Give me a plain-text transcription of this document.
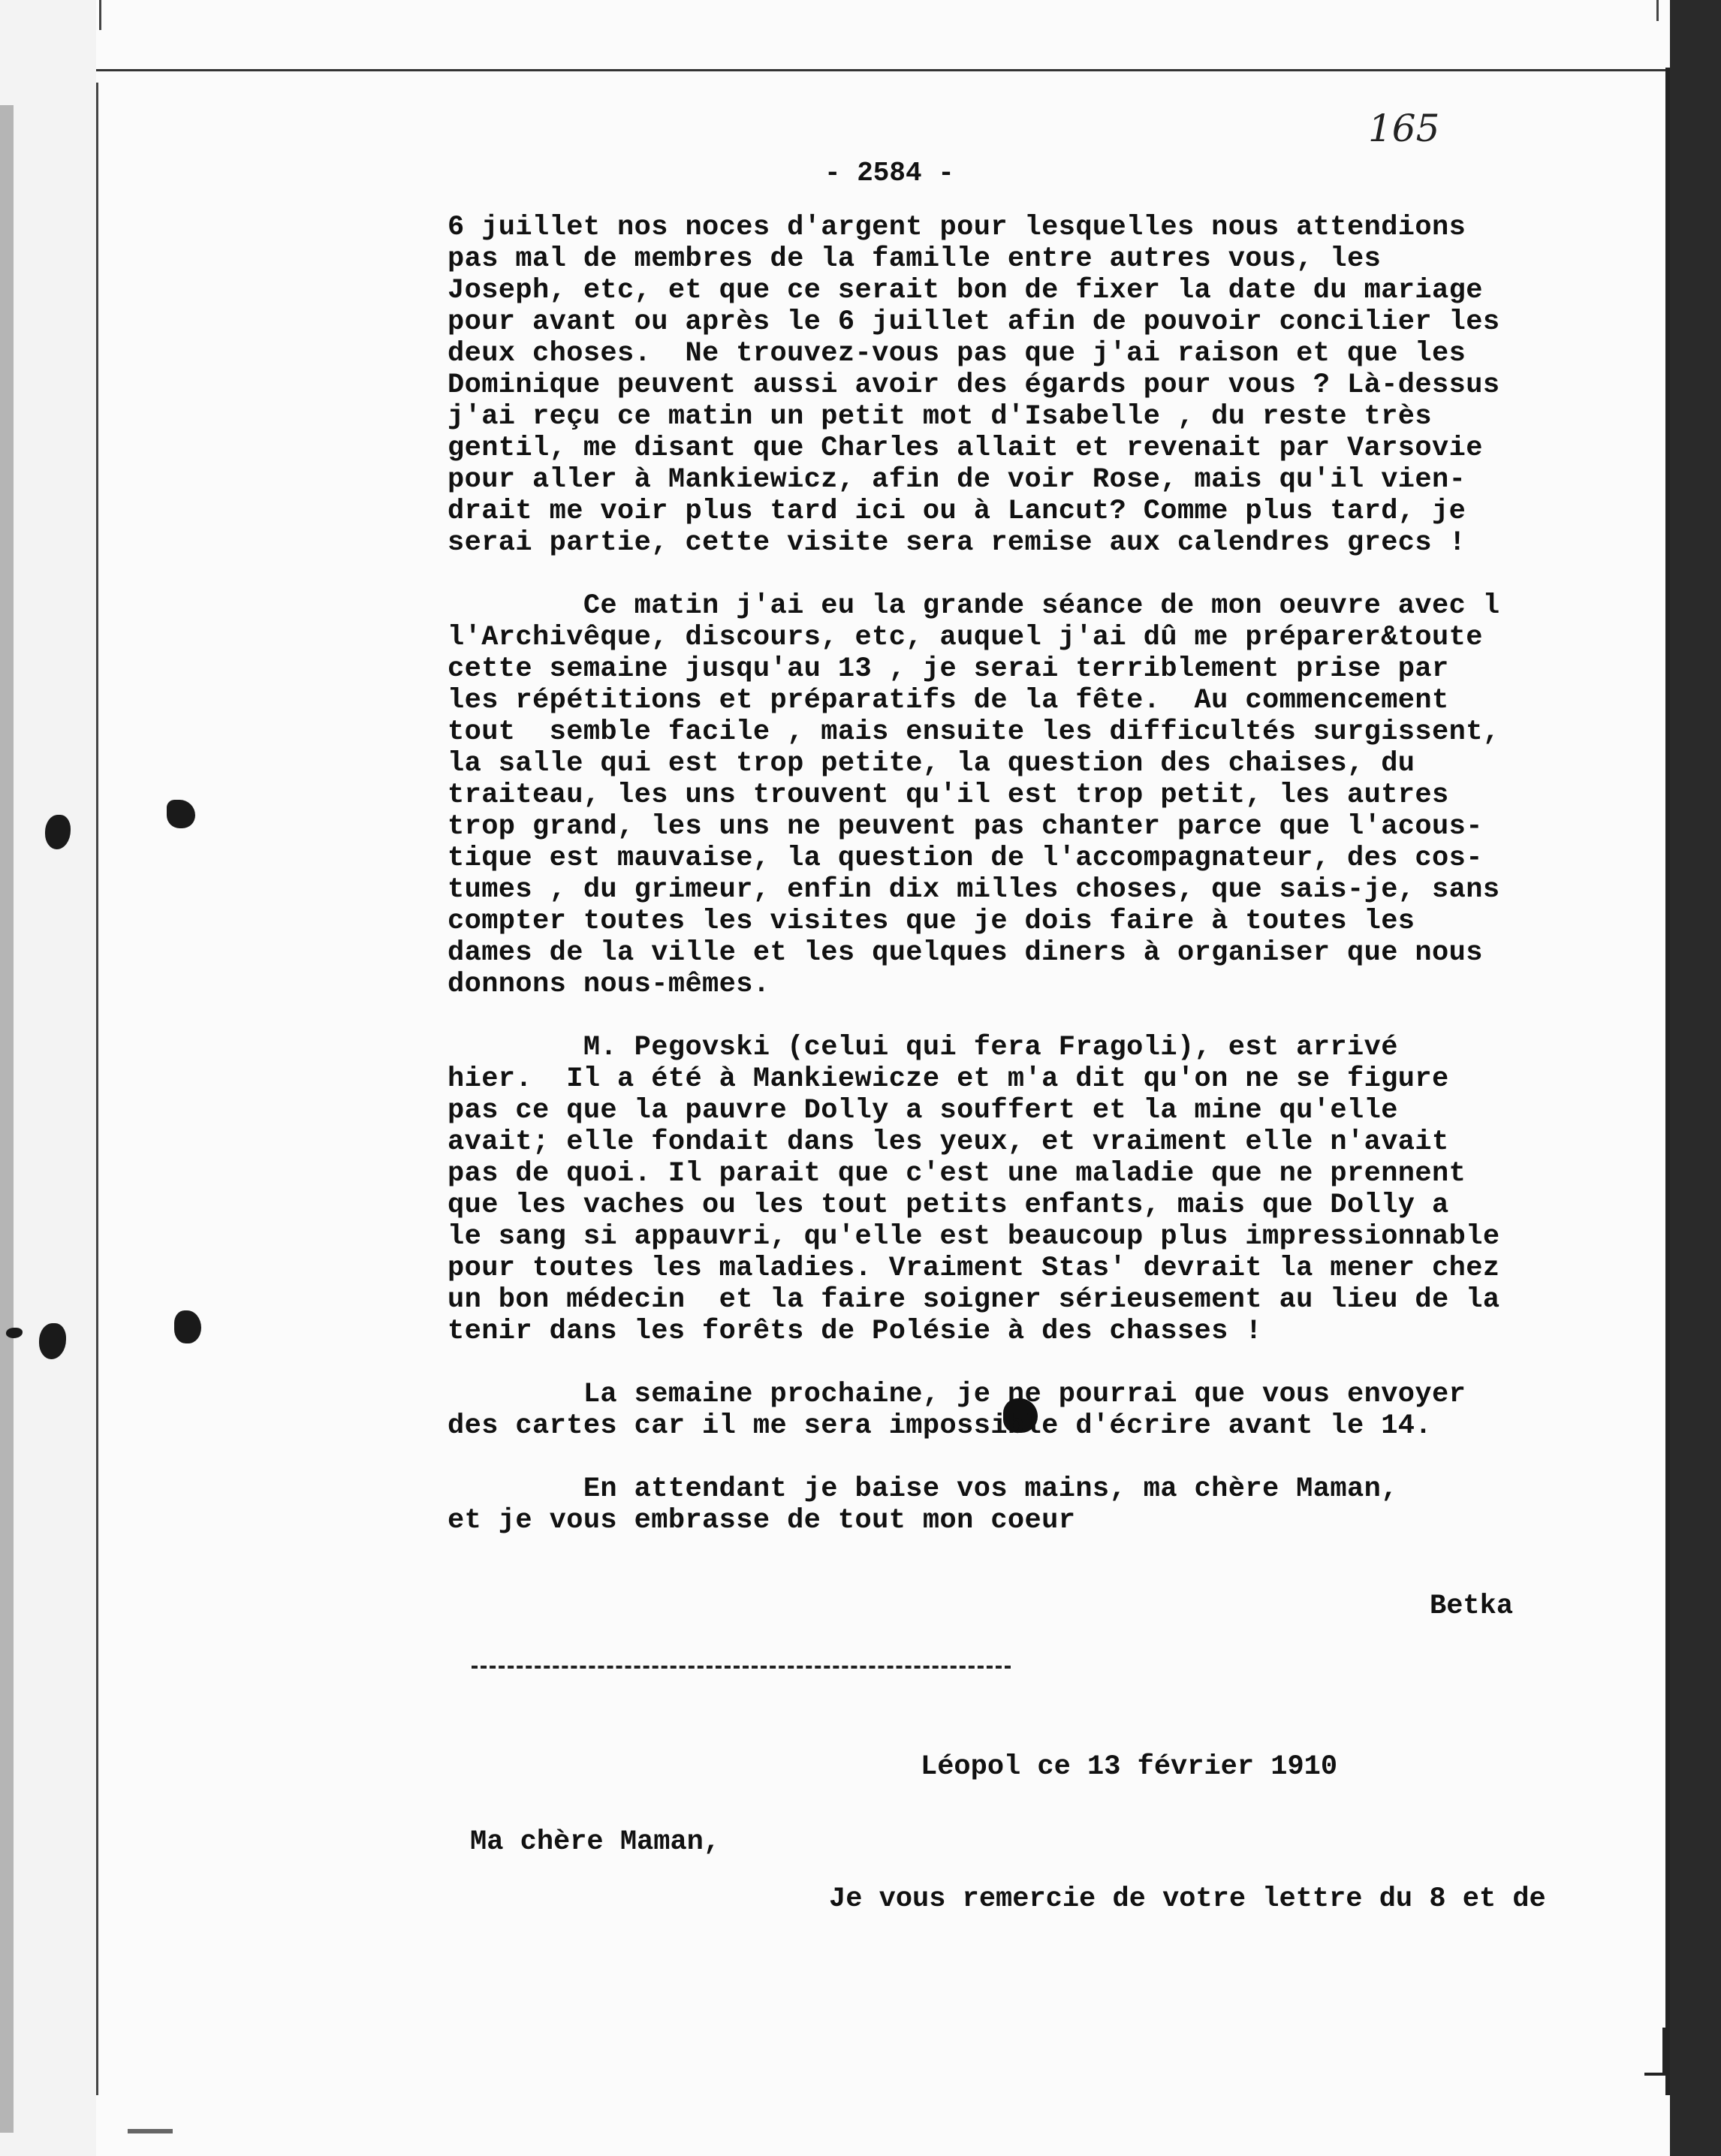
165
- 2584 -
6 juillet nos noces d'argent pour lesquelles nous attendions
pas mal de membres de la famille entre autres vous, les
Joseph, etc, et que ce serait bon de fixer la date du mariage
pour avant ou après le 6 juillet afin de pouvoir concilier les
deux choses.  Ne trouvez-vous pas que j'ai raison et que les
Dominique peuvent aussi avoir des égards pour vous ? Là-dessus
j'ai reçu ce matin un petit mot d'Isabelle , du reste très
gentil, me disant que Charles allait et revenait par Varsovie
pour aller à Mankiewicz, afin de voir Rose, mais qu'il vien-
drait me voir plus tard ici ou à Lancut? Comme plus tard, je
serai partie, cette visite sera remise aux calendres grecs !
Ce matin j'ai eu la grande séance de mon oeuvre avec l
l'Archivêque, discours, etc, auquel j'ai dû me préparer&toute
cette semaine jusqu'au 13 , je serai terriblement prise par
les répétitions et préparatifs de la fête.  Au commencement
tout  semble facile , mais ensuite les difficultés surgissent,
la salle qui est trop petite, la question des chaises, du
traiteau, les uns trouvent qu'il est trop petit, les autres
trop grand, les uns ne peuvent pas chanter parce que l'acous-
tique est mauvaise, la question de l'accompagnateur, des cos-
tumes , du grimeur, enfin dix milles choses, que sais-je, sans
compter toutes les visites que je dois faire à toutes les
dames de la ville et les quelques diners à organiser que nous
donnons nous-mêmes.
M. Pegovski (celui qui fera Fragoli), est arrivé
hier.  Il a été à Mankiewicze et m'a dit qu'on ne se figure
pas ce que la pauvre Dolly a souffert et la mine qu'elle
avait; elle fondait dans les yeux, et vraiment elle n'avait
pas de quoi. Il parait que c'est une maladie que ne prennent
que les vaches ou les tout petits enfants, mais que Dolly a
le sang si appauvri, qu'elle est beaucoup plus impressionnable
pour toutes les maladies. Vraiment Stas' devrait la mener chez
un bon médecin  et la faire soigner sérieusement au lieu de la
tenir dans les forêts de Polésie à des chasses !
La semaine prochaine, je ne pourrai que vous envoyer
des cartes car il me sera impossible d'écrire avant le 14.
En attendant je baise vos mains, ma chère Maman,
et je vous embrasse de tout mon coeur
Betka
Léopol ce 13 février 1910
Ma chère Maman,
Je vous remercie de votre lettre du 8 et de
